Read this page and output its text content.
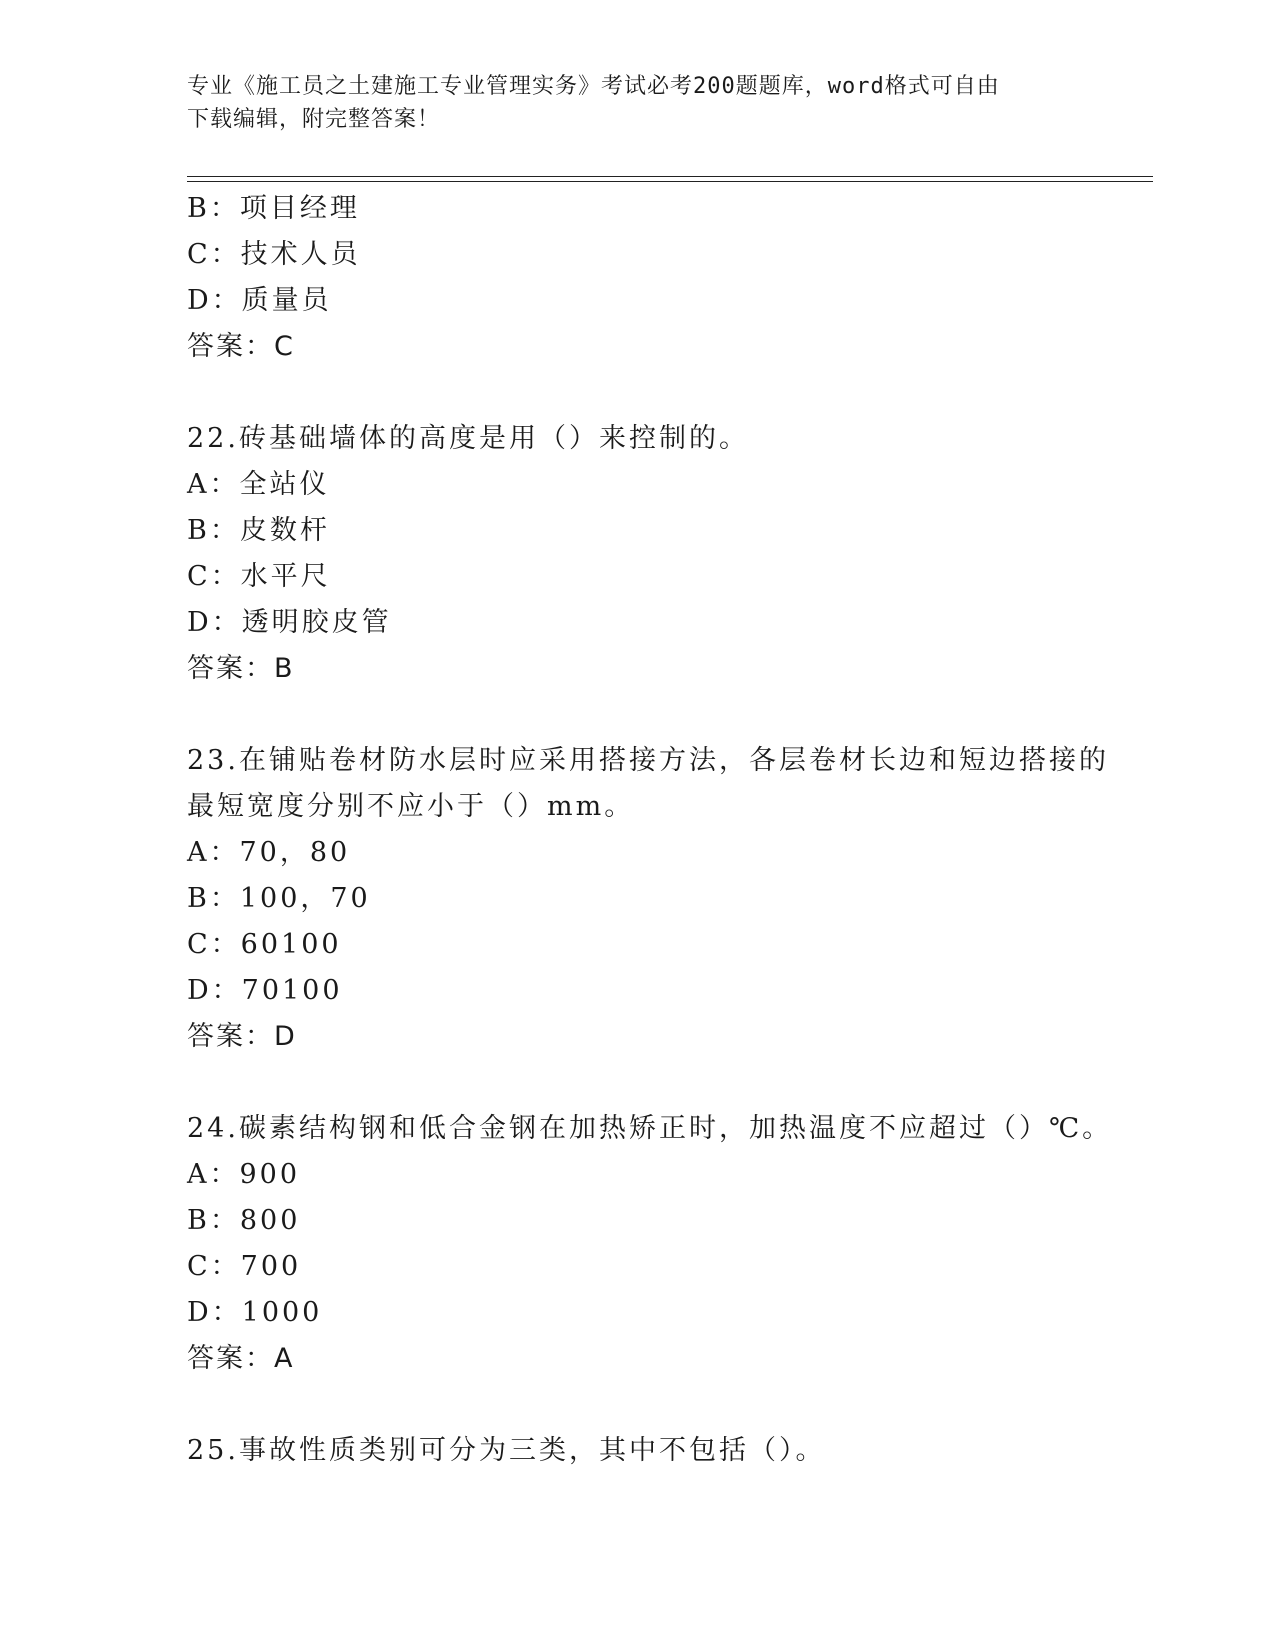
专业《施工员之土建施工专业管理实务》考试必考200题题库，word格式可自由
下载编辑，附完整答案！
B：项目经理
C：技术人员
D：质量员
答案：C
22.砖基础墙体的高度是用（）来控制的。
A：全站仪
B：皮数杆
C：水平尺
D：透明胶皮管
答案：B
23.在铺贴卷材防水层时应采用搭接方法，各层卷材长边和短边搭接的
最短宽度分别不应小于（）mm。
A：70，80
B：100，70
C：60100
D：70100
答案：D
24.碳素结构钢和低合金钢在加热矫正时，加热温度不应超过（）℃。
A：900
B：800
C：700
D：1000
答案：A
25.事故性质类别可分为三类，其中不包括（）。
